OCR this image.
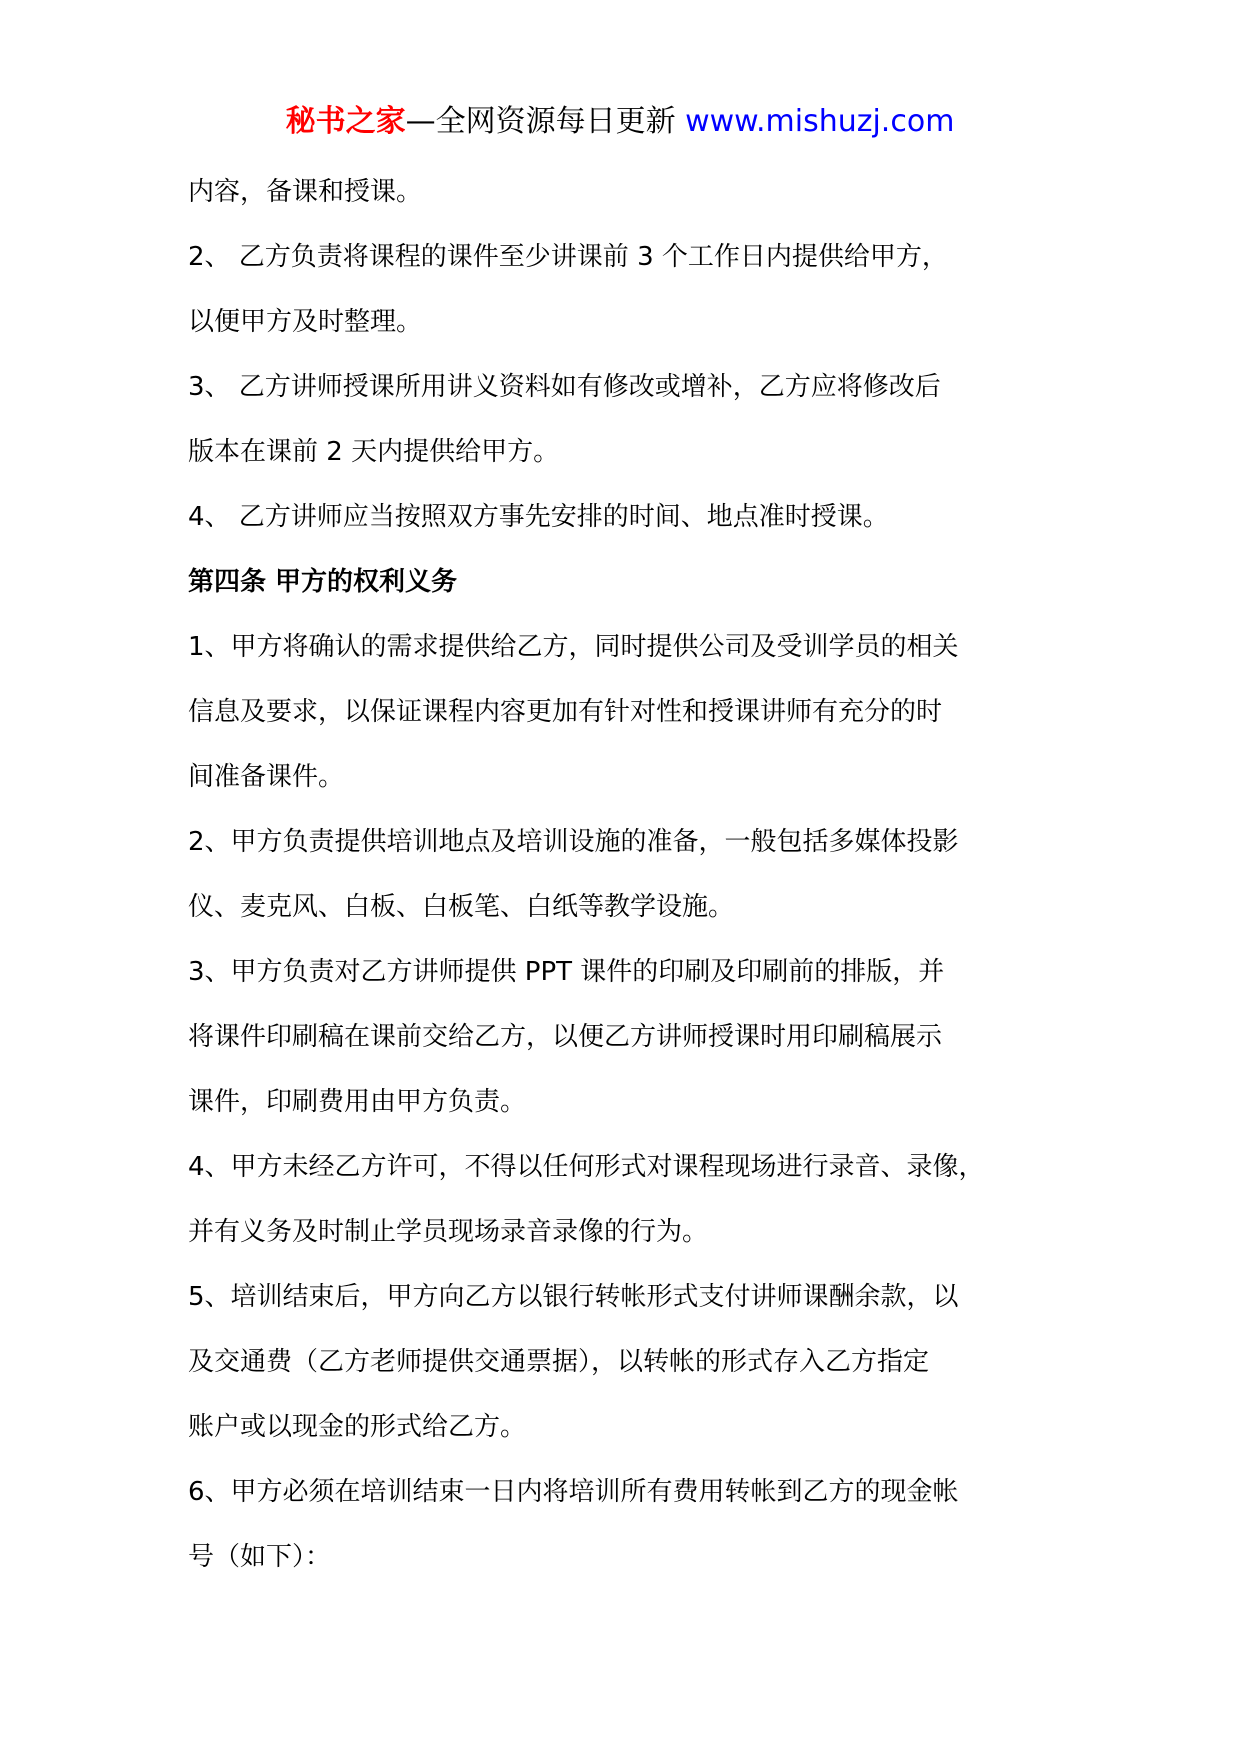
秘书之家—全网资源每日更新 www.mishuzj.com

内容，备课和授课。

2、 乙方负责将课程的课件至少讲课前 3 个工作日内提供给甲方，

以便甲方及时整理。

3、 乙方讲师授课所用讲义资料如有修改或增补，乙方应将修改后

版本在课前 2 天内提供给甲方。

4、 乙方讲师应当按照双方事先安排的时间、地点准时授课。

第四条 甲方的权利义务

1、甲方将确认的需求提供给乙方，同时提供公司及受训学员的相关

信息及要求，以保证课程内容更加有针对性和授课讲师有充分的时

间准备课件。

2、甲方负责提供培训地点及培训设施的准备，一般包括多媒体投影

仪、麦克风、白板、白板笔、白纸等教学设施。

3、甲方负责对乙方讲师提供 PPT 课件的印刷及印刷前的排版，并

将课件印刷稿在课前交给乙方，以便乙方讲师授课时用印刷稿展示

课件，印刷费用由甲方负责。

4、甲方未经乙方许可，不得以任何形式对课程现场进行录音、录像，

并有义务及时制止学员现场录音录像的行为。

5、培训结束后，甲方向乙方以银行转帐形式支付讲师课酬余款，以

及交通费（乙方老师提供交通票据），以转帐的形式存入乙方指定

账户或以现金的形式给乙方。

6、甲方必须在培训结束一日内将培训所有费用转帐到乙方的现金帐

号（如下）：
